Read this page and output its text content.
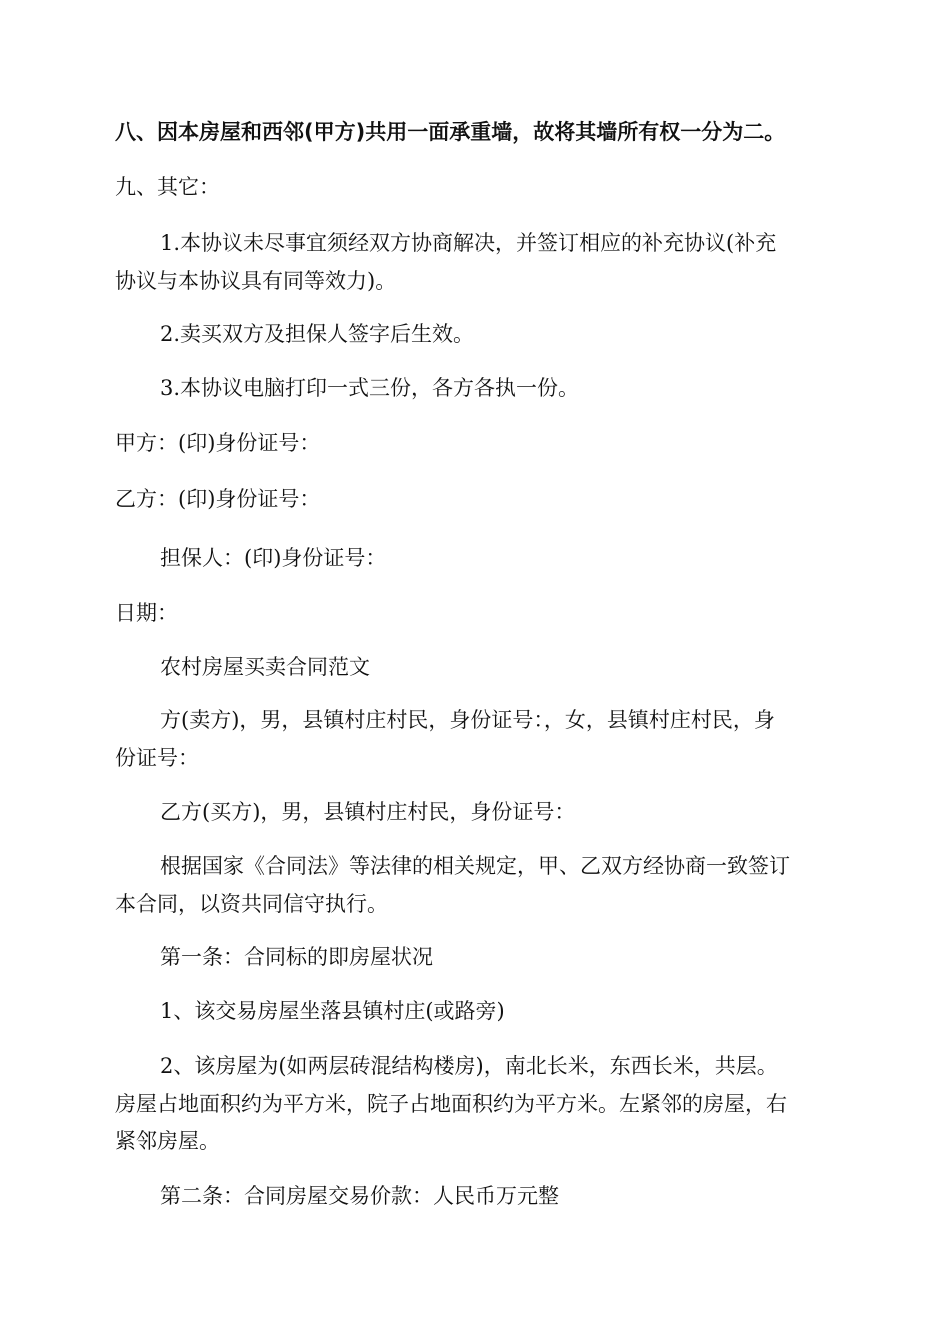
八、因本房屋和西邻(甲方)共用一面承重墙，故将其墙所有权一分为二。
九、其它：
1.本协议未尽事宜须经双方协商解决，并签订相应的补充协议(补充
协议与本协议具有同等效力)。
2.卖买双方及担保人签字后生效。
3.本协议电脑打印一式三份，各方各执一份。
甲方：(印)身份证号：
乙方：(印)身份证号：
担保人：(印)身份证号：
日期：
农村房屋买卖合同范文
方(卖方)，男，县镇村庄村民，身份证号：，女，县镇村庄村民，身
份证号：
乙方(买方)，男，县镇村庄村民，身份证号：
根据国家《合同法》等法律的相关规定，甲、乙双方经协商一致签订
本合同，以资共同信守执行。
第一条：合同标的即房屋状况
1、该交易房屋坐落县镇村庄(或路旁)
2、该房屋为(如两层砖混结构楼房)，南北长米，东西长米，共层。
房屋占地面积约为平方米，院子占地面积约为平方米。左紧邻的房屋，右
紧邻房屋。
第二条：合同房屋交易价款：人民币万元整
